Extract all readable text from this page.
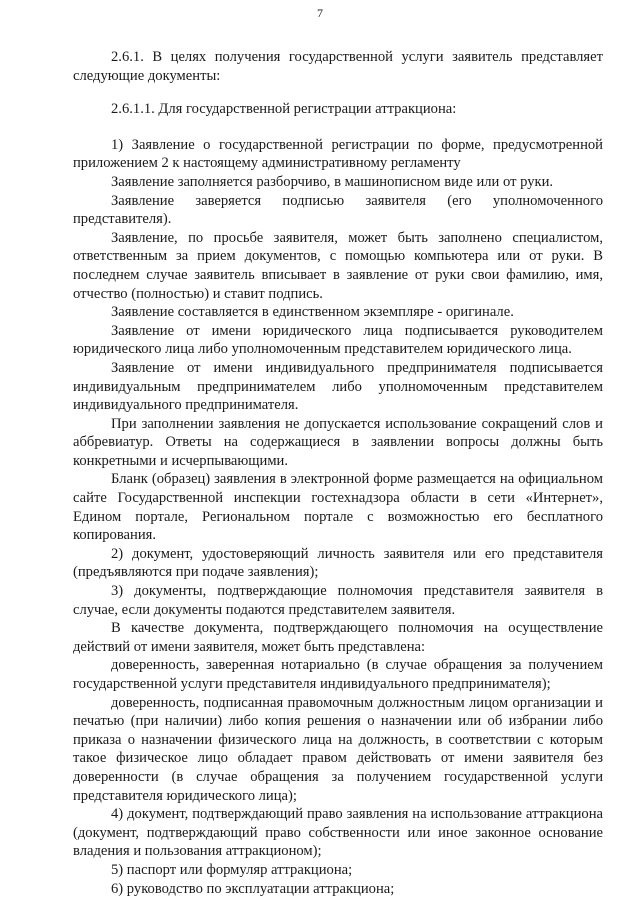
7

2.6.1. В целях получения государственной услуги заявитель представляет следующие документы:

2.6.1.1. Для государственной регистрации аттракциона:

1) Заявление о государственной регистрации по форме, предусмотренной приложением 2 к настоящему административному регламенту

Заявление заполняется разборчиво, в машинописном виде или от руки.

Заявление заверяется подписью заявителя (его уполномоченного представителя).

Заявление, по просьбе заявителя, может быть заполнено специалистом, ответственным за прием документов, с помощью компьютера или от руки. В последнем случае заявитель вписывает в заявление от руки свои фамилию, имя, отчество (полностью) и ставит подпись.

Заявление составляется в единственном экземпляре - оригинале.

Заявление от имени юридического лица подписывается руководителем юридического лица либо уполномоченным представителем юридического лица.

Заявление от имени индивидуального предпринимателя подписывается индивидуальным предпринимателем либо уполномоченным представителем индивидуального предпринимателя.

При заполнении заявления не допускается использование сокращений слов и аббревиатур. Ответы на содержащиеся в заявлении вопросы должны быть конкретными и исчерпывающими.

Бланк (образец) заявления в электронной форме размещается на официальном сайте Государственной инспекции гостехнадзора области в сети «Интернет», Едином портале, Региональном портале с возможностью его бесплатного копирования.

2) документ, удостоверяющий личность заявителя или его представителя (предъявляются при подаче заявления);

3) документы, подтверждающие полномочия представителя заявителя в случае, если документы подаются представителем заявителя.

В качестве документа, подтверждающего полномочия на осуществление действий от имени заявителя, может быть представлена:

доверенность, заверенная нотариально (в случае обращения за получением государственной услуги представителя индивидуального предпринимателя);

доверенность, подписанная правомочным должностным лицом организации и печатью (при наличии) либо копия решения о назначении или об избрании либо приказа о назначении физического лица на должность, в соответствии с которым такое физическое лицо обладает правом действовать от имени заявителя без доверенности (в случае обращения за получением государственной услуги представителя юридического лица);

4) документ, подтверждающий право заявления на использование аттракциона (документ, подтверждающий право собственности или иное законное основание владения и пользования аттракционом);

5) паспорт или формуляр аттракциона;

6) руководство по эксплуатации аттракциона;
